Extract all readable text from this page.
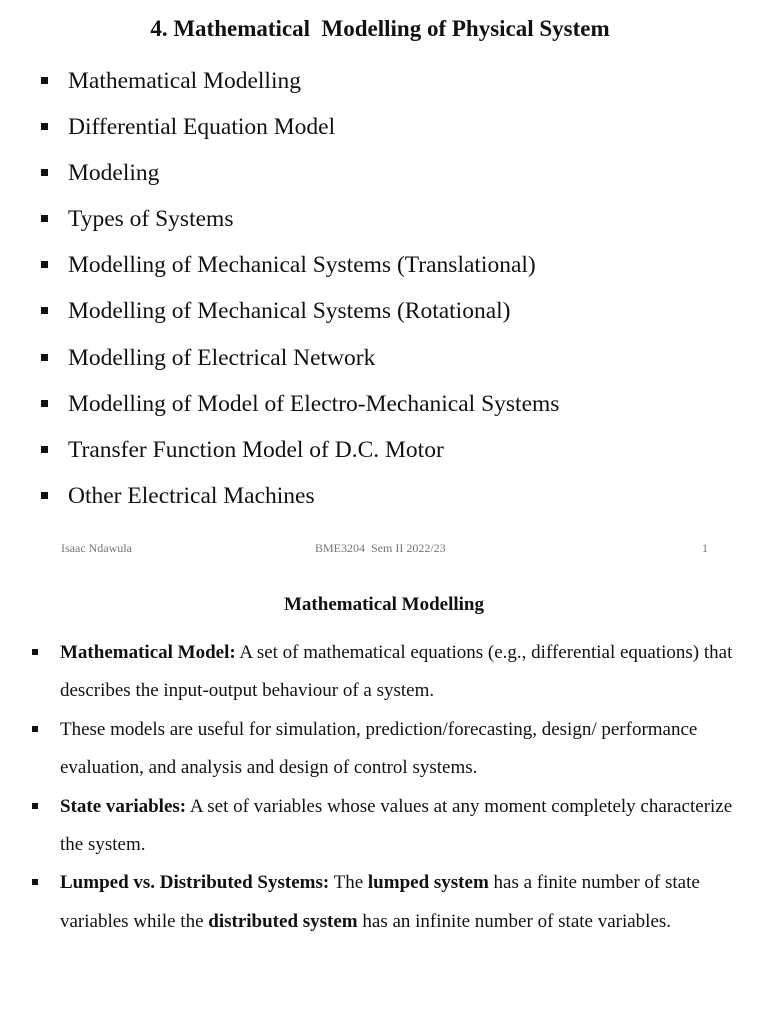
4. Mathematical  Modelling of Physical System
Mathematical Modelling
Differential Equation Model
Modeling
Types of Systems
Modelling of Mechanical Systems (Translational)
Modelling of Mechanical Systems (Rotational)
Modelling of Electrical Network
Modelling of Model of Electro-Mechanical Systems
Transfer Function Model of D.C. Motor
Other Electrical Machines
Isaac Ndawula	BME3204  Sem II 2022/23	1
Mathematical Modelling
Mathematical Model: A set of mathematical equations (e.g., differential equations) that describes the input-output behaviour of a system.
These models are useful for simulation, prediction/forecasting, design/ performance evaluation, and analysis and design of control systems.
State variables: A set of variables whose values at any moment completely characterize the system.
Lumped vs. Distributed Systems: The lumped system has a finite number of state variables while the distributed system has an infinite number of state variables.
